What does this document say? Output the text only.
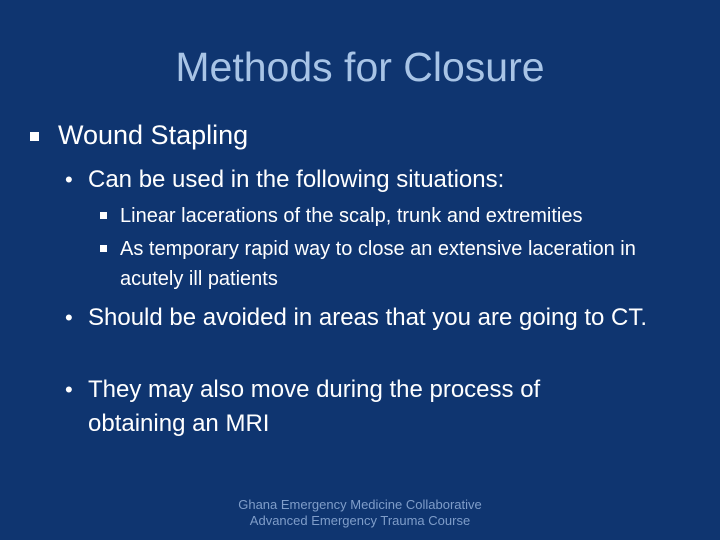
Methods for Closure
Wound Stapling
• Can be used in the following situations:
Linear lacerations of the scalp, trunk and extremities
As temporary rapid way to close an extensive laceration in acutely ill patients
• Should be avoided in areas that you are going to CT.
• They may also move during the process of obtaining an MRI
Ghana Emergency Medicine Collaborative
Advanced Emergency Trauma Course
